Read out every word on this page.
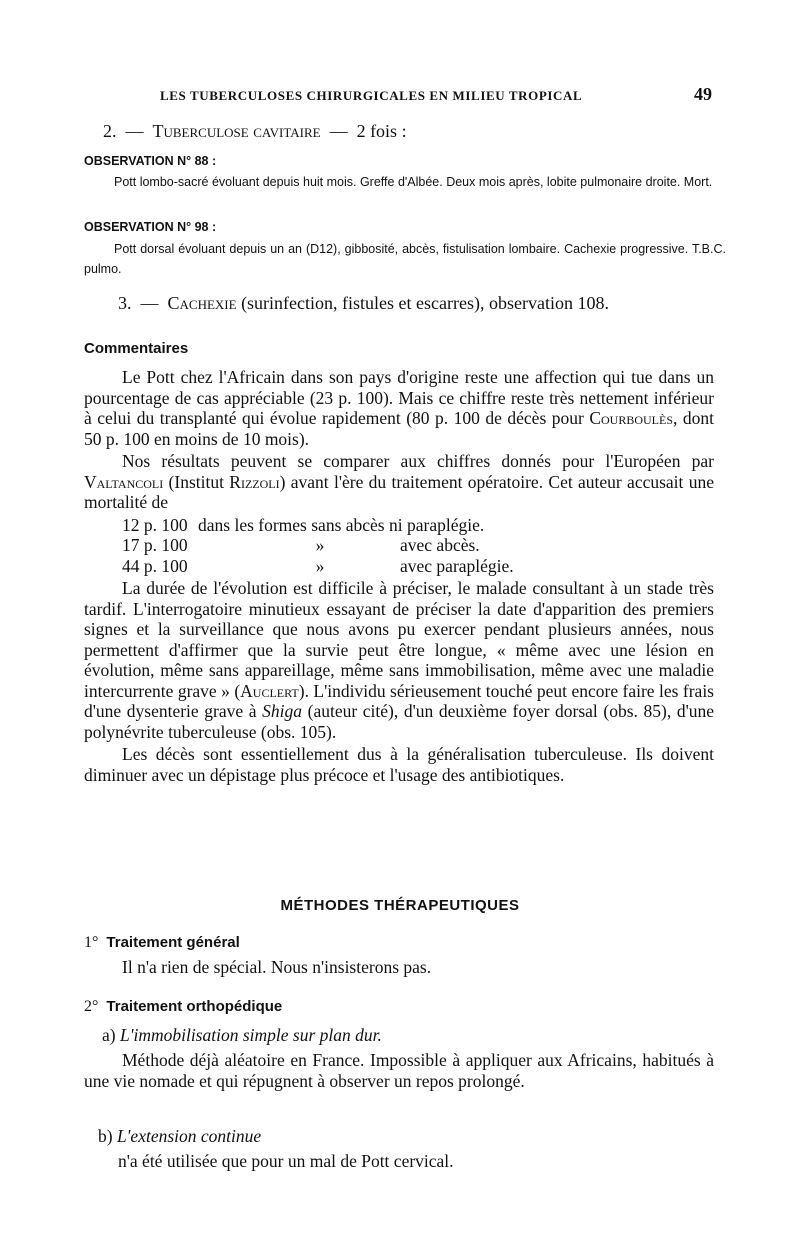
LES TUBERCULOSES CHIRURGICALES EN MILIEU TROPICAL	49
2. — Tuberculose cavitaire — 2 fois :
OBSERVATION N° 88 :
Pott lombo-sacré évoluant depuis huit mois. Greffe d'Albée. Deux mois après, lobite pulmonaire droite. Mort.
OBSERVATION N° 98 :
Pott dorsal évoluant depuis un an (D12), gibbosité, abcès, fistulisation lombaire. Cachexie progressive. T.B.C. pulmo.
3. — Cachexie (surinfection, fistules et escarres), observation 108.
Commentaires

Le Pott chez l'Africain dans son pays d'origine reste une affection qui tue dans un pourcentage de cas appréciable (23 p. 100). Mais ce chiffre reste très nettement inférieur à celui du transplanté qui évolue rapidement (80 p. 100 de décès pour Courboulès, dont 50 p. 100 en moins de 10 mois).

Nos résultats peuvent se comparer aux chiffres donnés pour l'Européen par Valtancoli (Institut Rizzoli) avant l'ère du traitement opératoire. Cet auteur accusait une mortalité de

12 p. 100 dans les formes sans abcès ni paraplégie.
17 p. 100	»	avec abcès.
44 p. 100	»	avec paraplégie.

La durée de l'évolution est difficile à préciser, le malade consultant à un stade très tardif. L'interrogatoire minutieux essayant de préciser la date d'apparition des premiers signes et la surveillance que nous avons pu exercer pendant plusieurs années, nous permettent d'affirmer que la survie peut être longue, « même avec une lésion en évolution, même sans appareillage, même sans immobilisation, même avec une maladie intercurrente grave » (Auclert). L'individu sérieusement touché peut encore faire les frais d'une dysenterie grave à Shiga (auteur cité), d'un deuxième foyer dorsal (obs. 85), d'une polynévrite tuberculeuse (obs. 105).

Les décès sont essentiellement dus à la généralisation tuberculeuse. Ils doivent diminuer avec un dépistage plus précoce et l'usage des antibiotiques.

MÉTHODES THÉRAPEUTIQUES
1° Traitement général
Il n'a rien de spécial. Nous n'insisterons pas.
2° Traitement orthopédique
a) L'immobilisation simple sur plan dur.

Méthode déjà aléatoire en France. Impossible à appliquer aux Africains, habitués à une vie nomade et qui répugnent à observer un repos prolongé.

b) L'extension continue
n'a été utilisée que pour un mal de Pott cervical.
